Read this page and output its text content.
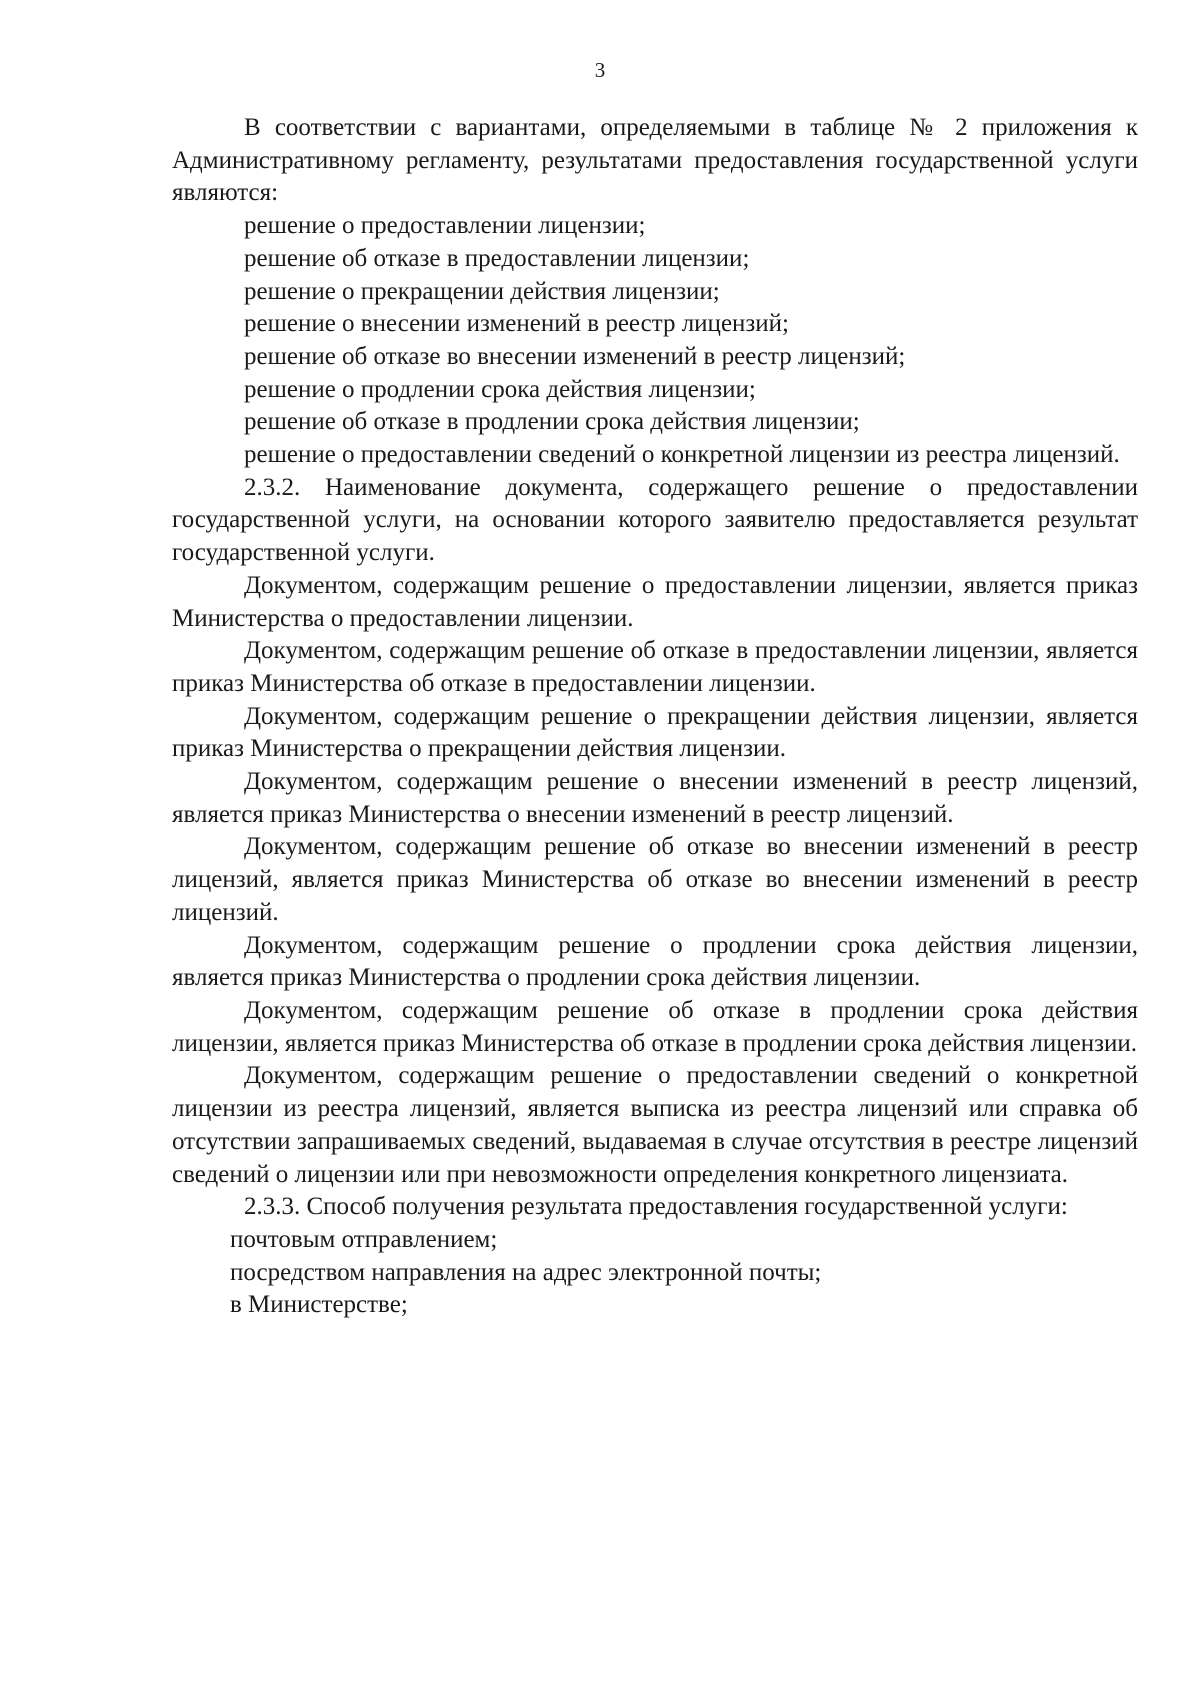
3

В соответствии с вариантами, определяемыми в таблице № 2 приложения к Административному регламенту, результатами предоставления государственной услуги являются:

решение о предоставлении лицензии;

решение об отказе в предоставлении лицензии;

решение о прекращении действия лицензии;

решение о внесении изменений в реестр лицензий;

решение об отказе во внесении изменений в реестр лицензий;

решение о продлении срока действия лицензии;

решение об отказе в продлении срока действия лицензии;

решение о предоставлении сведений о конкретной лицензии из реестра лицензий.

2.3.2. Наименование документа, содержащего решение о предоставлении государственной услуги, на основании которого заявителю предоставляется результат государственной услуги.

Документом, содержащим решение о предоставлении лицензии, является приказ Министерства о предоставлении лицензии.

Документом, содержащим решение об отказе в предоставлении лицензии, является приказ Министерства об отказе в предоставлении лицензии.

Документом, содержащим решение о прекращении действия лицензии, является приказ Министерства о прекращении действия лицензии.

Документом, содержащим решение о внесении изменений в реестр лицензий, является приказ Министерства о внесении изменений в реестр лицензий.

Документом, содержащим решение об отказе во внесении изменений в реестр лицензий, является приказ Министерства об отказе во внесении изменений в реестр лицензий.

Документом, содержащим решение о продлении срока действия лицензии, является приказ Министерства о продлении срока действия лицензии.

Документом, содержащим решение об отказе в продлении срока действия лицензии, является приказ Министерства об отказе в продлении срока действия лицензии.

Документом, содержащим решение о предоставлении сведений о конкретной лицензии из реестра лицензий, является выписка из реестра лицензий или справка об отсутствии запрашиваемых сведений, выдаваемая в случае отсутствия в реестре лицензий сведений о лицензии или при невозможности определения конкретного лицензиата.

2.3.3. Способ получения результата предоставления государственной услуги:

почтовым отправлением;

посредством направления на адрес электронной почты;

в Министерстве;
